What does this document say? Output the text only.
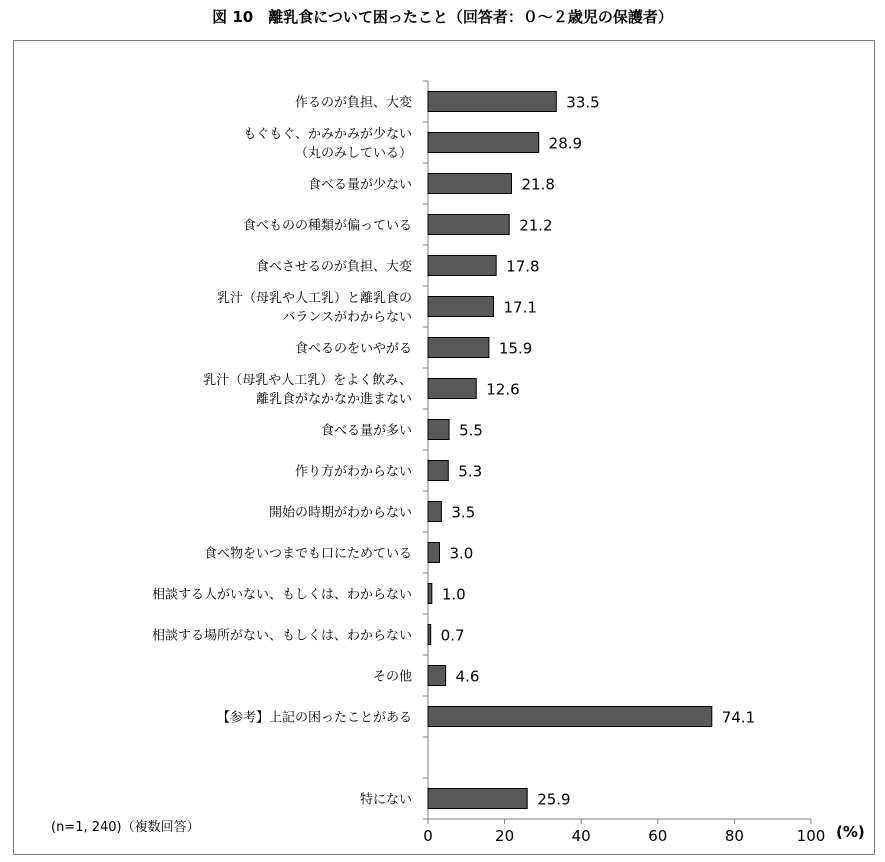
図 10　離乳食について困ったこと（回答者：０～２歳児の保護者）
0	20	40	60	80	100 (%)
33.5
作るのが負担、大変
28.9
もぐもぐ、かみかみが少ない
（丸のみしている）
21.8
食べる量が少ない
21.2
食べものの種類が偏っている
17.8
食べさせるのが負担、大変
17.1
乳汁（母乳や人工乳）と離乳食の
バランスがわからない
15.9
食べるのをいやがる
12.6
乳汁（母乳や人工乳）をよく飲み、
離乳食がなかなか進まない
5.5
食べる量が多い
5.3
作り方がわからない
3.5
開始の時期がわからない
3.0
食べ物をいつまでも口にためている
1.0
相談する人がいない、もしくは、わからない
0.7
相談する場所がない、もしくは、わからない
4.6
その他
74.1
【参考】上記の困ったことがある
25.9
特にない
(n=1, 240)（複数回答）
